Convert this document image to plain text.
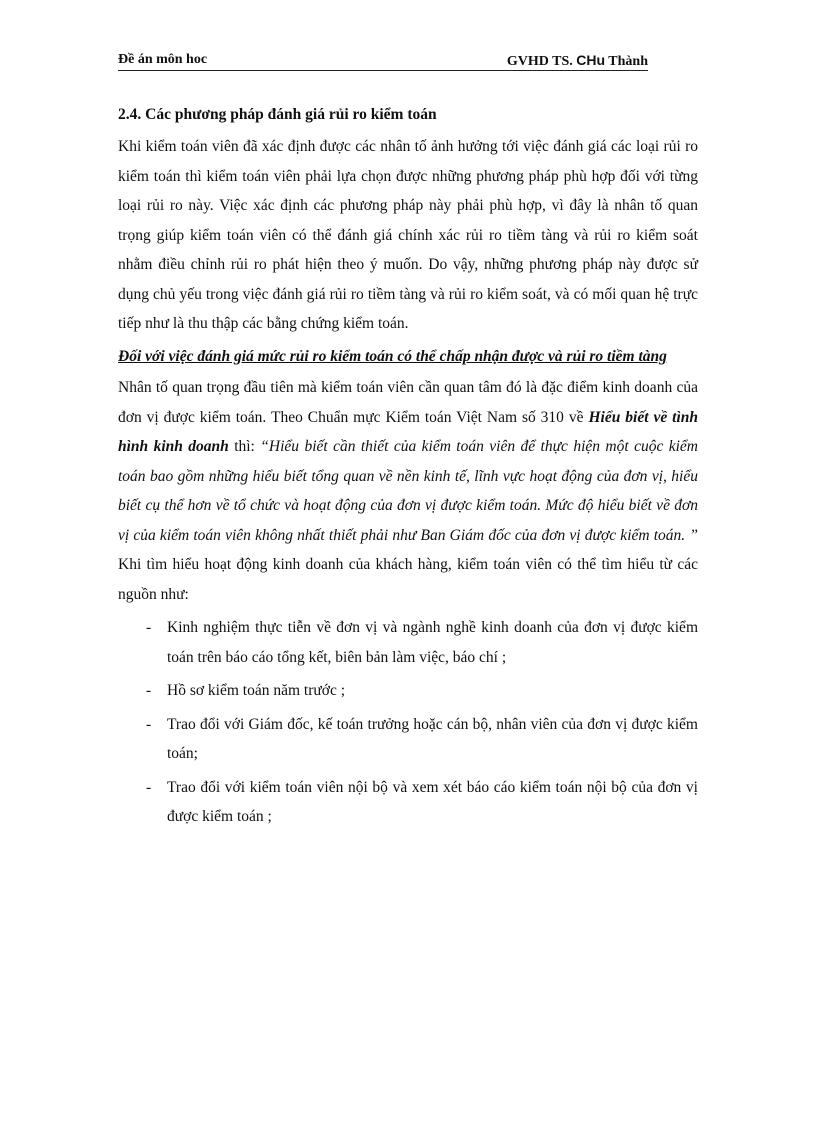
Đề án môn hoc	GVHD TS. CHu Thành
2.4. Các phương pháp đánh giá rủi ro kiểm toán

Khi kiểm toán viên đã xác định được các nhân tố ảnh hưởng tới việc đánh giá các loại rủi ro kiểm toán thì kiểm toán viên phải lựa chọn được những phương pháp phù hợp đối với từng loại rủi ro này. Việc xác định các phương pháp này phải phù hợp, vì đây là nhân tố quan trọng giúp kiểm toán viên có thể đánh giá chính xác rủi ro tiềm tàng và rủi ro kiểm soát nhằm điều chỉnh rủi ro phát hiện theo ý muốn. Do vậy, những phương pháp này được sử dụng chủ yếu trong việc đánh giá rủi ro tiềm tàng và rủi ro kiểm soát, và có mối quan hệ trực tiếp như là thu thập các bằng chứng kiểm toán.

Đối với việc đánh giá mức rủi ro kiểm toán có thể chấp nhận được và rủi ro tiềm tàng

Nhân tố quan trọng đầu tiên mà kiểm toán viên cần quan tâm đó là đặc điểm kinh doanh của đơn vị được kiểm toán. Theo Chuẩn mực Kiểm toán Việt Nam số 310 về Hiểu biết về tình hình kinh doanh thì: “Hiểu biết cần thiết của kiểm toán viên để thực hiện một cuộc kiểm toán bao gồm những hiểu biết tổng quan về nền kinh tế, lĩnh vực hoạt động của đơn vị, hiểu biết cụ thể hơn về tổ chức và hoạt động của đơn vị được kiểm toán. Mức độ hiểu biết về đơn vị của kiểm toán viên không nhất thiết phải như Ban Giám đốc của đơn vị được kiểm toán. ” Khi tìm hiểu hoạt động kinh doanh của khách hàng, kiểm toán viên có thể tìm hiểu từ các nguồn như:

- Kinh nghiệm thực tiễn về đơn vị và ngành nghề kinh doanh của đơn vị được kiểm toán trên báo cáo tổng kết, biên bản làm việc, báo chí ;
- Hồ sơ kiểm toán năm trước ;
- Trao đổi với Giám đốc, kế toán trưởng hoặc cán bộ, nhân viên của đơn vị được kiểm toán;
- Trao đổi với kiểm toán viên nội bộ và xem xét báo cáo kiểm toán nội bộ của đơn vị được kiểm toán ;
